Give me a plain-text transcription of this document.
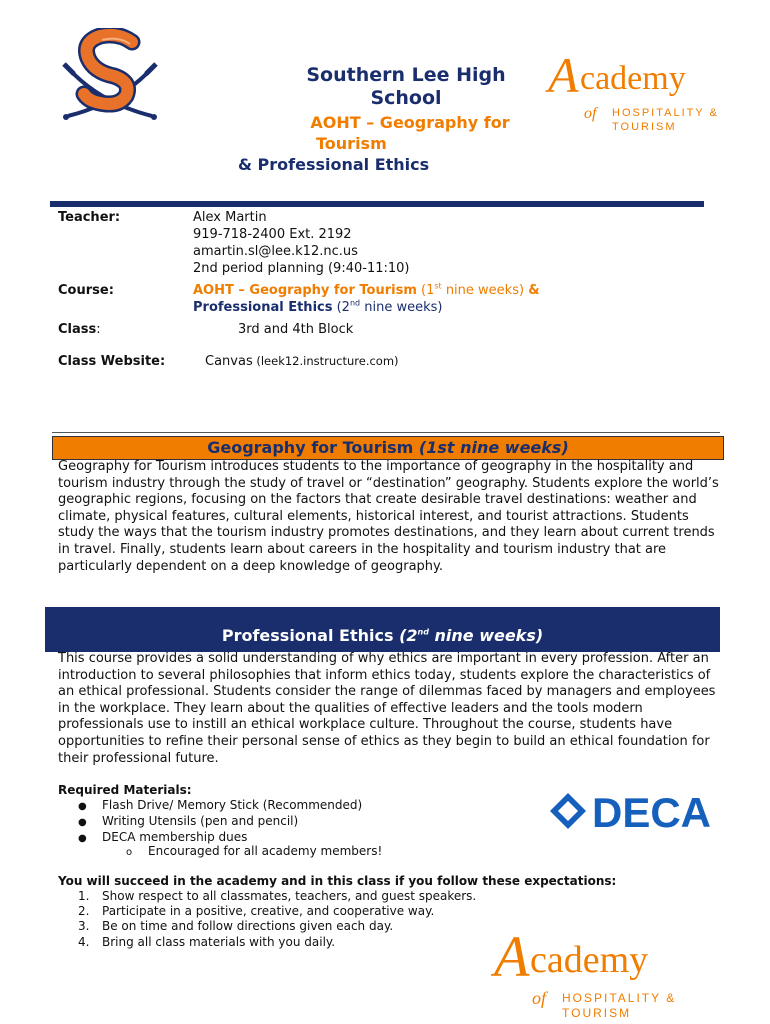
Southern Lee High School
AOHT – Geography for
Tourism
& Professional Ethics
A cademy
of HOSPITALITY &
TOURISM
Teacher:	Alex Martin
919-718-2400 Ext. 2192
amartin.sl@lee.k12.nc.us
2nd period planning (9:40-11:10)
Course:	AOHT – Geography for Tourism (1st nine weeks) &
Professional Ethics (2nd nine weeks)
Class:	3rd and 4th Block
Class Website:	Canvas (leek12.instructure.com)
Geography for Tourism (1st nine weeks)
Geography for Tourism introduces students to the importance of geography in the hospitality and tourism industry through the study of travel or “destination” geography. Students explore the world’s geographic regions, focusing on the factors that create desirable travel destinations: weather and climate, physical features, cultural elements, historical interest, and tourist attractions. Students study the ways that the tourism industry promotes destinations, and they learn about current trends in travel. Finally, students learn about careers in the hospitality and tourism industry that are particularly dependent on a deep knowledge of geography.
Professional Ethics (2nd nine weeks)
This course provides a solid understanding of why ethics are important in every profession. After an introduction to several philosophies that inform ethics today, students explore the characteristics of an ethical professional. Students consider the range of dilemmas faced by managers and employees in the workplace. They learn about the qualities of effective leaders and the tools modern professionals use to instill an ethical workplace culture. Throughout the course, students have opportunities to refine their personal sense of ethics as they begin to build an ethical foundation for their professional future.
Required Materials:
●	Flash Drive/ Memory Stick (Recommended)
●	Writing Utensils (pen and pencil)
●	DECA membership dues
o	Encouraged for all academy members!
DECA
You will succeed in the academy and in this class if you follow these expectations:
1.	Show respect to all classmates, teachers, and guest speakers.
2.	Participate in a positive, creative, and cooperative way.
3.	Be on time and follow directions given each day.
4.	Bring all class materials with you daily.	A cademy
of HOSPITALITY &
TOURISM
